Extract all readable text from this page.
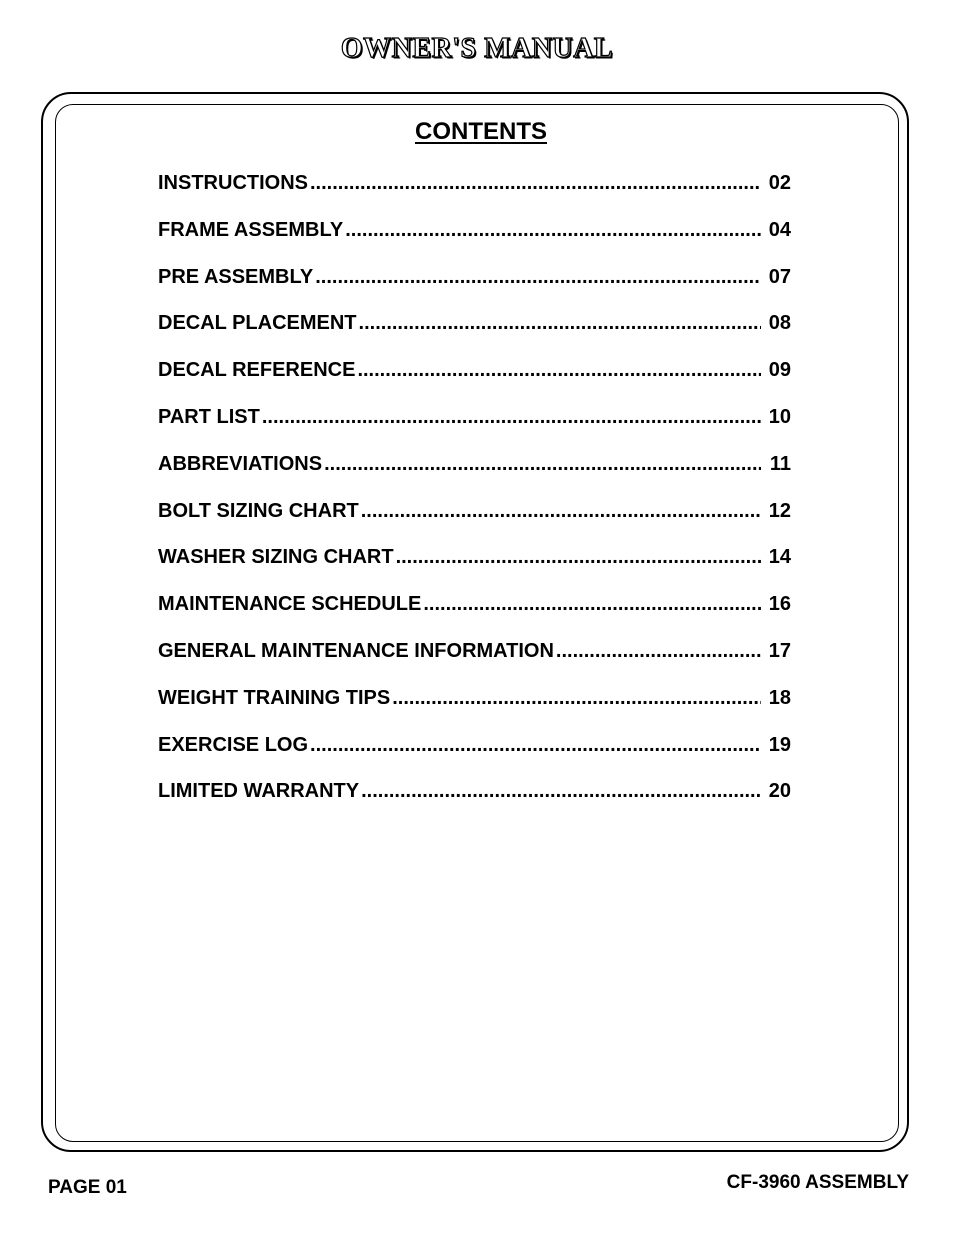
OWNER'S MANUAL
CONTENTS
INSTRUCTIONS .....	02
FRAME ASSEMBLY .....	04
PRE ASSEMBLY .....	07
DECAL PLACEMENT .....	08
DECAL REFERENCE .....	09
PART LIST .....	10
ABBREVIATIONS .....	11
BOLT SIZING CHART .....	12
WASHER SIZING CHART .....	14
MAINTENANCE SCHEDULE .....	16
GENERAL MAINTENANCE INFORMATION .....	17
WEIGHT TRAINING TIPS .....	18
EXERCISE LOG .....	19
LIMITED WARRANTY .....	20
PAGE 01	CF-3960 ASSEMBLY
